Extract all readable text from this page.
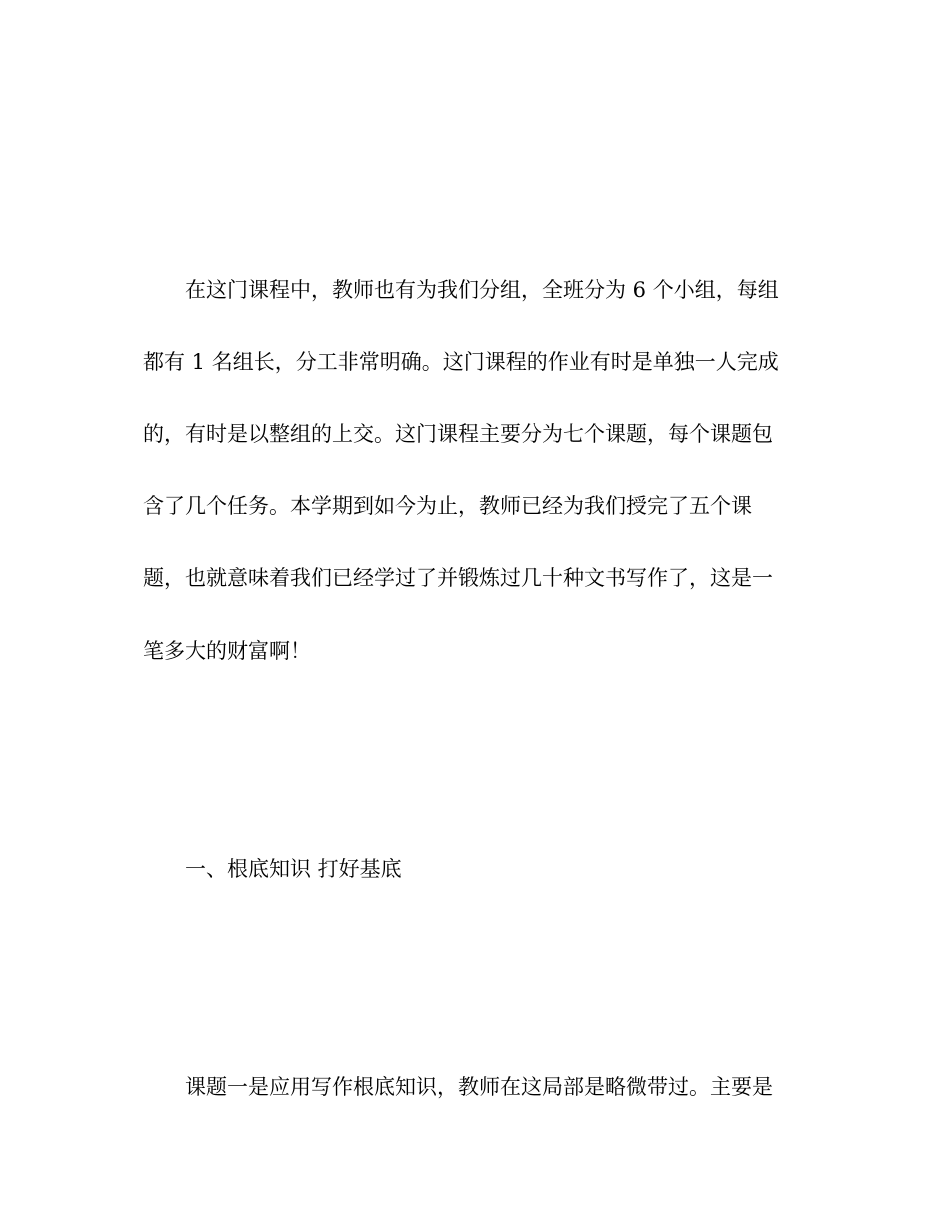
在这门课程中，教师也有为我们分组，全班分为 6 个小组，每组
都有 1 名组长，分工非常明确。这门课程的作业有时是单独一人完成
的，有时是以整组的上交。这门课程主要分为七个课题，每个课题包
含了几个任务。本学期到如今为止，教师已经为我们授完了五个课
题，也就意味着我们已经学过了并锻炼过几十种文书写作了，这是一
笔多大的财富啊！
一、根底知识 打好基底
课题一是应用写作根底知识，教师在这局部是略微带过。主要是
